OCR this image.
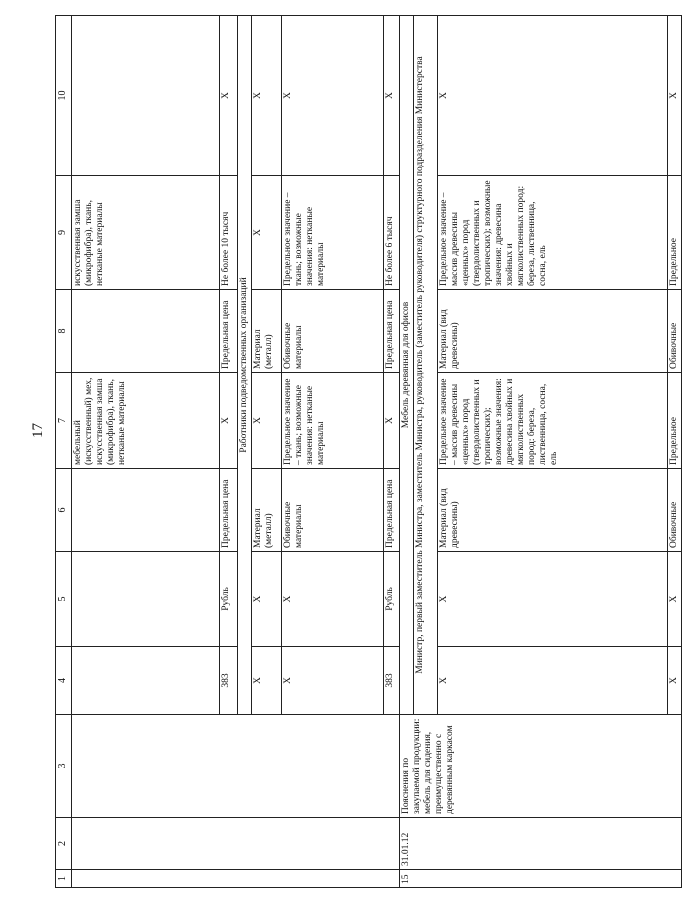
17
1	2	3	4	5	6	7	8	9	10
						мебельный (искусственный) мех, искусственная замша (микрофибра), ткань, нетканые материалы		искусственная замша (микрофибра), ткань, нетканые материалы	
			383	Рубль	Предельная цена	X	Предельная цена	Не более 10 тысяч	X
			Работники подведомственных организаций						
			X	X	Материал (металл)	X	Материал (металл)	X	X
			X	X	Обивочные материалы	Предельное значение – ткань; возможные значения: нетканые материалы	Обивочные материалы	Предельное значение – ткань; возможные значения: нетканые материалы	X
			383	Рубль	Предельная цена	X	Предельная цена	Не более 6 тысяч	X
15	31.01.12	Пояснения по закупаемой продукции: мебель для сидения, преимущественно с деревянным каркасом	Мебель деревянная для офисов						
			Министр, первый заместитель Министра, заместитель Министра, руководитель (заместитель руководителя) структурного подразделения Министерства						
			X	X	Материал (вид древесины)	Предельное значение – массив древесины «ценных» пород (твердолиственных и тропических); возможные значения: древесина хвойных и мягколиственных пород: береза, лиственница, сосна, ель	Материал (вид древесины)	Предельное значение – массив древесины «ценных» пород (твердолиственных и тропических); возможные значения: древесина хвойных и мягколиственных пород: береза, лиственница, сосна, ель	X
			X	X	Обивочные	Предельное	Обивочные	Предельное	X
